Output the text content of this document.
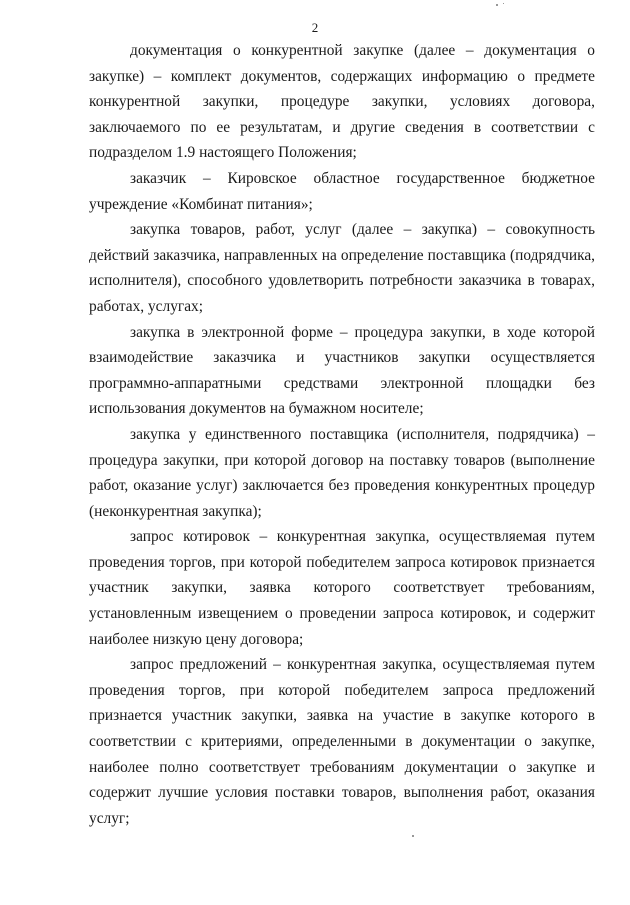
2

документация о конкурентной закупке (далее – документация о закупке) – комплект документов, содержащих информацию о предмете конкурентной закупки, процедуре закупки, условиях договора, заключаемого по ее результатам, и другие сведения в соответствии с подразделом 1.9 настоящего Положения;

заказчик – Кировское областное государственное бюджетное учреждение «Комбинат питания»;

закупка товаров, работ, услуг (далее – закупка) – совокупность действий заказчика, направленных на определение поставщика (подрядчика, исполнителя), способного удовлетворить потребности заказчика в товарах, работах, услугах;

закупка в электронной форме – процедура закупки, в ходе которой взаимодействие заказчика и участников закупки осуществляется программно-аппаратными средствами электронной площадки без использования документов на бумажном носителе;

закупка у единственного поставщика (исполнителя, подрядчика) – процедура закупки, при которой договор на поставку товаров (выполнение работ, оказание услуг) заключается без проведения конкурентных процедур (неконкурентная закупка);

запрос котировок – конкурентная закупка, осуществляемая путем проведения торгов, при которой победителем запроса котировок признается участник закупки, заявка которого соответствует требованиям, установленным извещением о проведении запроса котировок, и содержит наиболее низкую цену договора;

запрос предложений – конкурентная закупка, осуществляемая путем проведения торгов, при которой победителем запроса предложений признается участник закупки, заявка на участие в закупке которого в соответствии с критериями, определенными в документации о закупке, наиболее полно соответствует требованиям документации о закупке и содержит лучшие условия поставки товаров, выполнения работ, оказания услуг;
